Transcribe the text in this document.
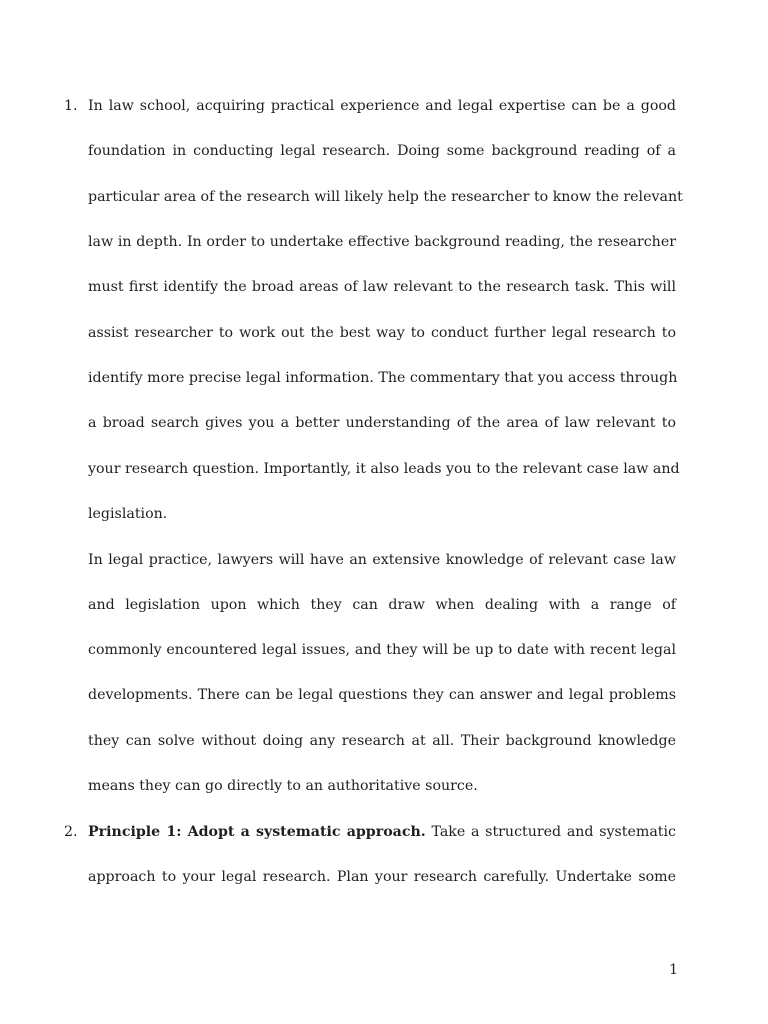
1. In law school, acquiring practical experience and legal expertise can be a good
foundation in conducting legal research. Doing some background reading of a
particular area of the research will likely help the researcher to know the relevant
law in depth. In order to undertake effective background reading, the researcher
must first identify the broad areas of law relevant to the research task. This will
assist researcher to work out the best way to conduct further legal research to
identify more precise legal information. The commentary that you access through
a broad search gives you a better understanding of the area of law relevant to
your research question. Importantly, it also leads you to the relevant case law and
legislation.
In legal practice, lawyers will have an extensive knowledge of relevant case law
and legislation upon which they can draw when dealing with a range of
commonly encountered legal issues, and they will be up to date with recent legal
developments. There can be legal questions they can answer and legal problems
they can solve without doing any research at all. Their background knowledge
means they can go directly to an authoritative source.
2. Principle 1: Adopt a systematic approach. Take a structured and systematic
approach to your legal research. Plan your research carefully. Undertake some
1
